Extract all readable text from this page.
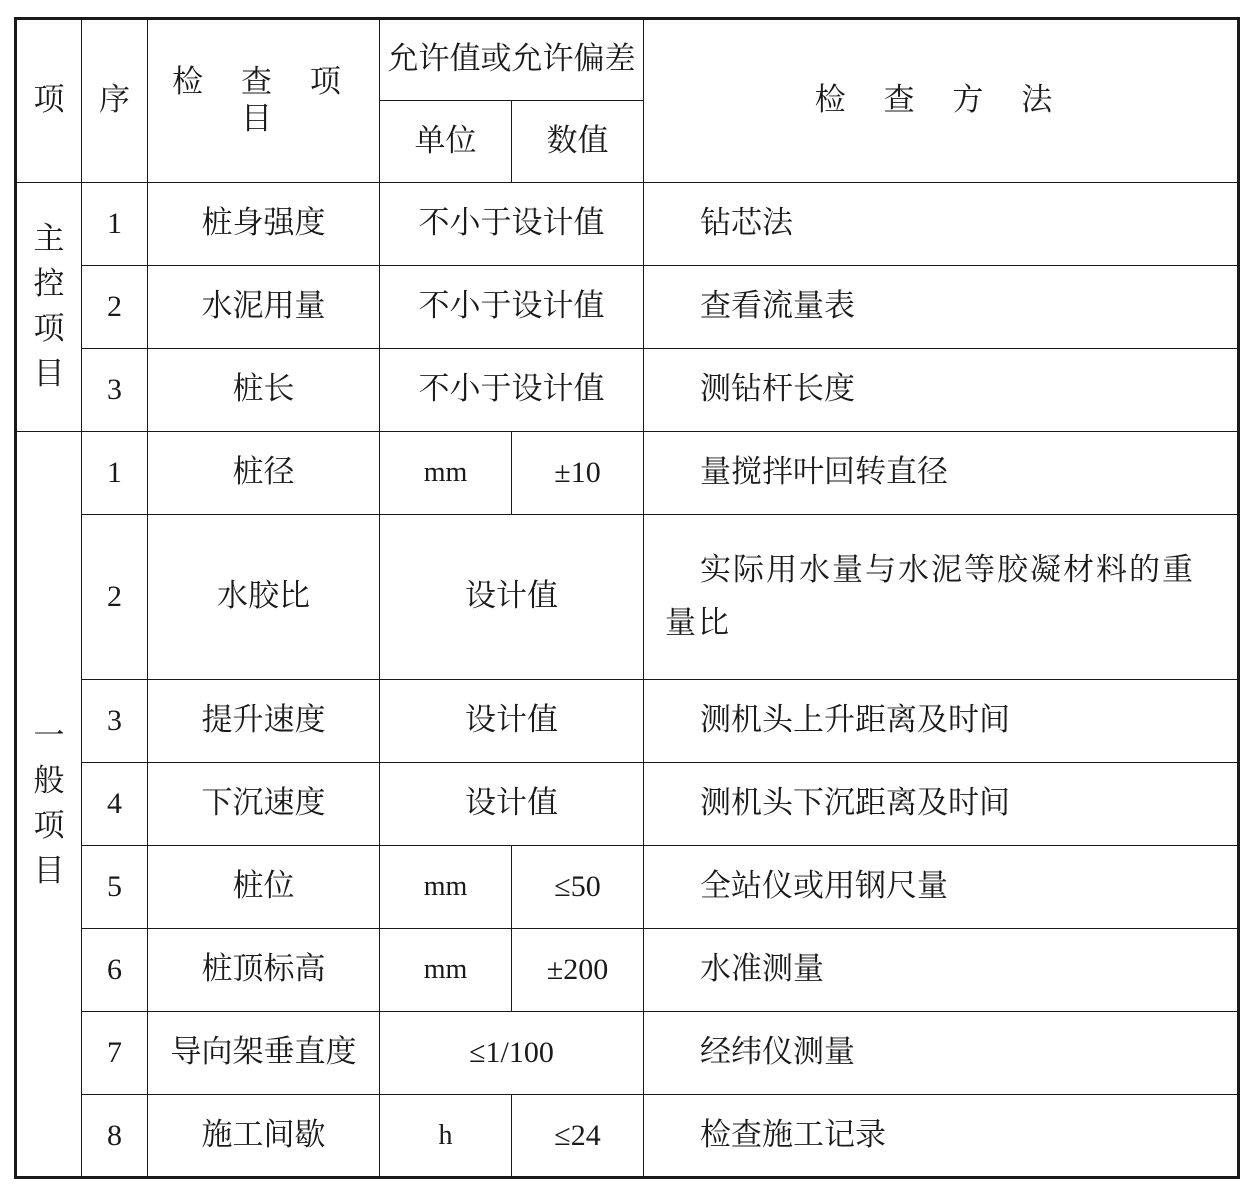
项	序	检 查 项 目	允许值或允许偏差		检 查 方 法
			单位	数值	
主控项目	1	桩身强度	不小于设计值		钻芯法
	2	水泥用量	不小于设计值		查看流量表
	3	桩长	不小于设计值		测钻杆长度
一般项目	1	桩径	mm	±10	量搅拌叶回转直径
	2	水胶比	设计值		实际用水量与水泥等胶凝材料的重量比
	3	提升速度	设计值		测机头上升距离及时间
	4	下沉速度	设计值		测机头下沉距离及时间
	5	桩位	mm	≤50	全站仪或用钢尺量
	6	桩顶标高	mm	±200	水准测量
	7	导向架垂直度	≤1/100		经纬仪测量
	8	施工间歇	h	≤24	检查施工记录
